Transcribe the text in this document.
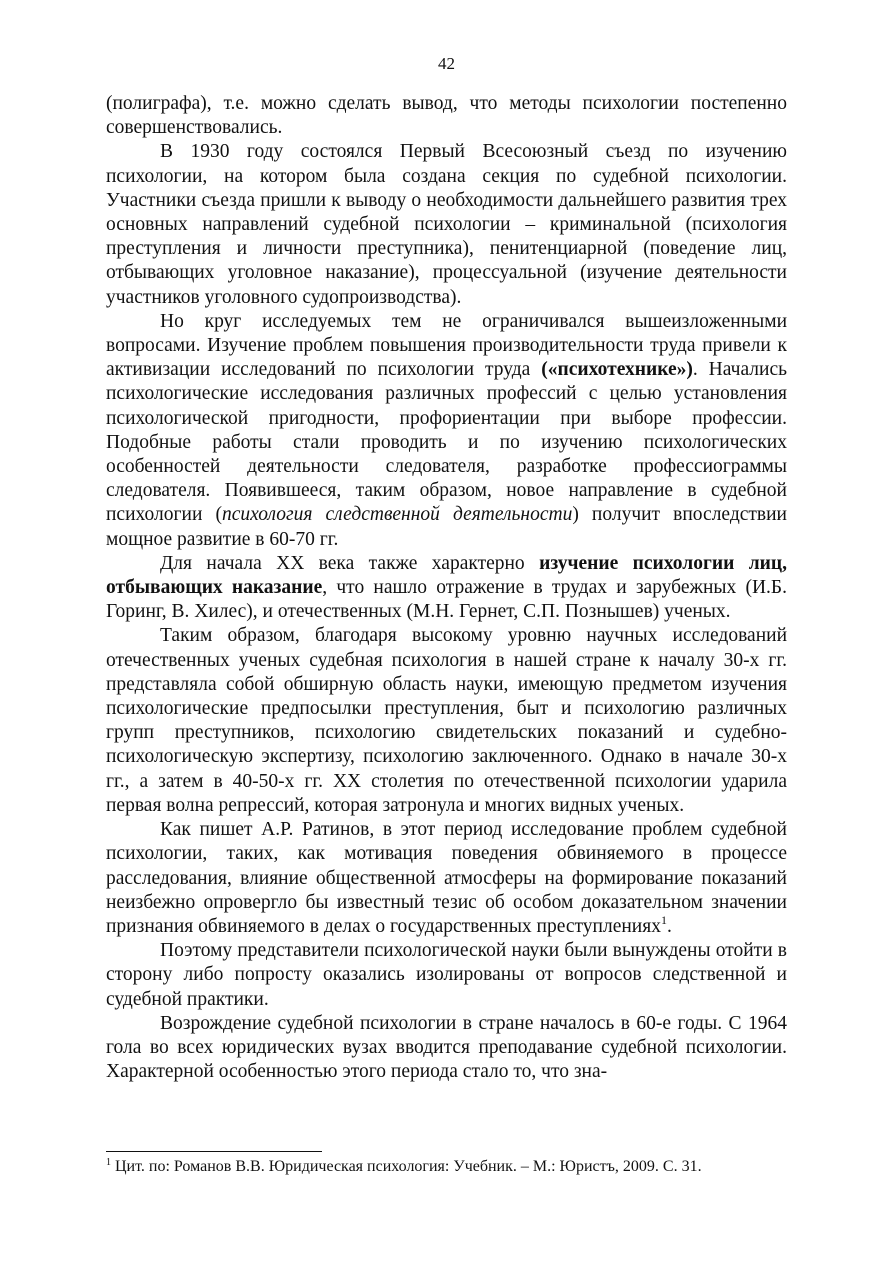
42

(полиграфа), т.е. можно сделать вывод, что методы психологии постепенно совершенствовались.

В 1930 году состоялся Первый Всесоюзный съезд по изучению психологии, на котором была создана секция по судебной психологии. Участники съезда пришли к выводу о необходимости дальнейшего развития трех основных направлений судебной психологии – криминальной (психология преступления и личности преступника), пенитенциарной (поведение лиц, отбывающих уголовное наказание), процессуальной (изучение деятельности участников уголовного судопроизводства).

Но круг исследуемых тем не ограничивался вышеизложенными вопросами. Изучение проблем повышения производительности труда привели к активизации исследований по психологии труда («психотехнике»). Начались психологические исследования различных профессий с целью установления психологической пригодности, профориентации при выборе профессии. Подобные работы стали проводить и по изучению психологических особенностей деятельности следователя, разработке профессиограммы следователя. Появившееся, таким образом, новое направление в судебной психологии (психология следственной деятельности) получит впоследствии мощное развитие в 60-70 гг.

Для начала XX века также характерно изучение психологии лиц, отбывающих наказание, что нашло отражение в трудах и зарубежных (И.Б. Горинг, В. Хилес), и отечественных (М.Н. Гернет, С.П. Познышев) ученых.

Таким образом, благодаря высокому уровню научных исследований отечественных ученых судебная психология в нашей стране к началу 30-х гг. представляла собой обширную область науки, имеющую предметом изучения психологические предпосылки преступления, быт и психологию различных групп преступников, психологию свидетельских показаний и судебно-психологическую экспертизу, психологию заключенного. Однако в начале 30-х гг., а затем в 40-50-х гг. XX столетия по отечественной психологии ударила первая волна репрессий, которая затронула и многих видных ученых.

Как пишет А.Р. Ратинов, в этот период исследование проблем судебной психологии, таких, как мотивация поведения обвиняемого в процессе расследования, влияние общественной атмосферы на формирование показаний неизбежно опровергло бы известный тезис об особом доказательном значении признания обвиняемого в делах о государственных преступлениях$^1$.

Поэтому представители психологической науки были вынуждены отойти в сторону либо попросту оказались изолированы от вопросов следственной и судебной практики.

Возрождение судебной психологии в стране началось в 60-е годы. С 1964 гола во всех юридических вузах вводится преподавание судебной психологии. Характерной особенностью этого периода стало то, что зна-

$^1$ Цит. по: Романов В.В. Юридическая психология: Учебник. – М.: Юристъ, 2009. С. 31.
